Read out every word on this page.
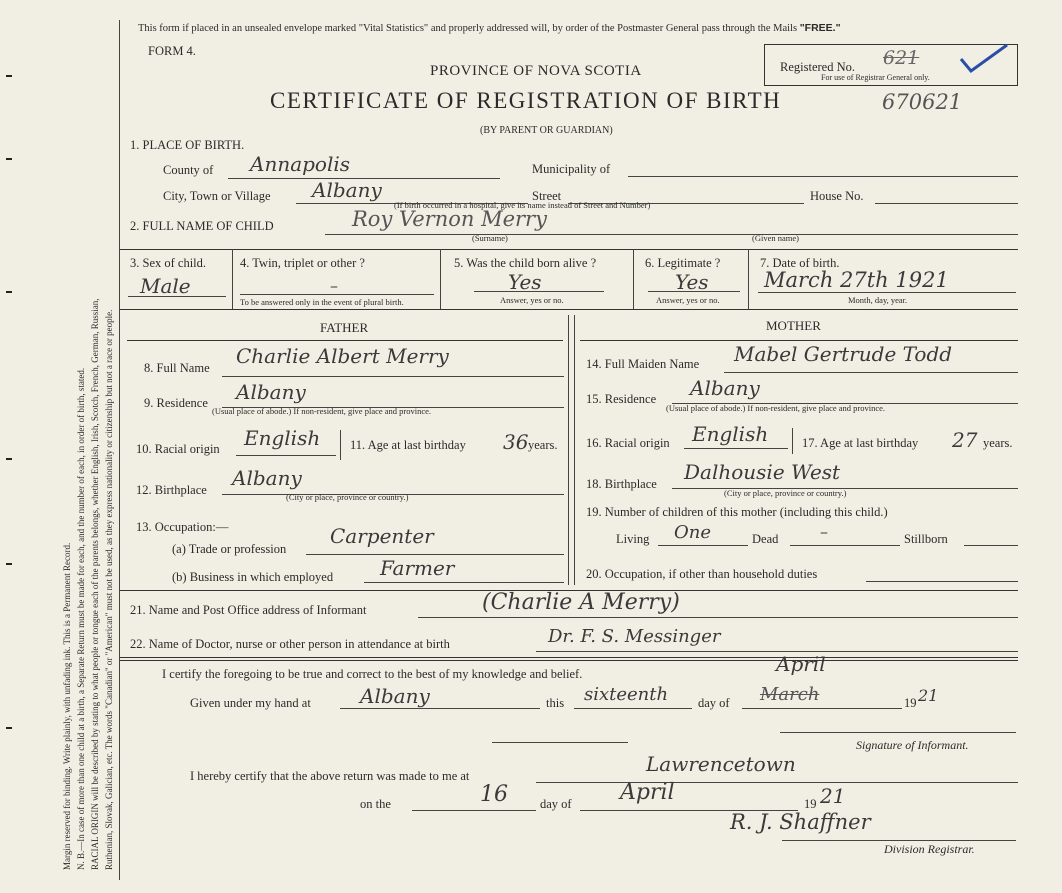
Margin reserved for binding. Write plainly, with unfading ink. This is a Permanent Record. N. B.—In case of more than one child at a birth, a Separate Return must be made for each, and the number of each, in order of birth, stated. RACIAL ORIGIN will be described by stating to what people or tongue each of the parents belongs, whether English, Irish, Scotch, French, German, Russian, Ruthenian, Slovak, Galician, etc. The words "Canadian" or "American" must not be used, as they express nationality or citizenship but not a race or people.
This form if placed in an unsealed envelope marked "Vital Statistics" and properly addressed will, by order of the Postmaster General pass through the Mails "FREE."
FORM 4.
PROVINCE OF NOVA SCOTIA
CERTIFICATE OF REGISTRATION OF BIRTH	670621
(BY PARENT OR GUARDIAN)
Registered No. 621
For use of Registrar General only.
1. PLACE OF BIRTH.
County of Annapolis	Municipality of
City, Town or Village Albany	Street	House No.
(If birth occurred in a hospital, give its name instead of Street and Number)
2. FULL NAME OF CHILD	Roy Vernon Merry
(Surname)	(Given name)
3. Sex of child.
Male
4. Twin, triplet or other ?
–
To be answered only in the event of plural birth.
5. Was the child born alive ?
Yes
Answer, yes or no.
6. Legitimate ?
Yes
Answer, yes or no.
7. Date of birth.
March 27th 1921
Month, day, year.
FATHER	MOTHER
8. Full Name Charlie Albert Merry
9. Residence Albany
(Usual place of abode.) If non-resident, give place and province.
10. Racial origin English 11. Age at last birthday 36 years.
12. Birthplace Albany
(City or place, province or country.)
13. Occupation:—
(a) Trade or profession
Carpenter
(b) Business in which employed Farmer
14. Full Maiden Name Mabel Gertrude Todd
15. Residence Albany
(Usual place of abode.) If non-resident, give place and province.
16. Racial origin English	17. Age at last birthday 27 years.
18. Birthplace Dalhousie West
(City or place, province or country.)
19. Number of children of this mother (including this child.)
Living One	Dead	–	Stillborn
20. Occupation, if other than household duties
21. Name and Post Office address of Informant	(Charlie A Merry)
22. Name of Doctor, nurse or other person in attendance at birth	Dr. F. S. Messinger
I certify the foregoing to be true and correct to the best of my knowledge and belief.	April
Given under my hand at Albany	this sixteenth day of March	19 21
Signature of Informant.
I hereby certify that the above return was made to me at	Lawrencetown
on the	16	day of April	19 21
R. J. Shaffner
Division Registrar.
